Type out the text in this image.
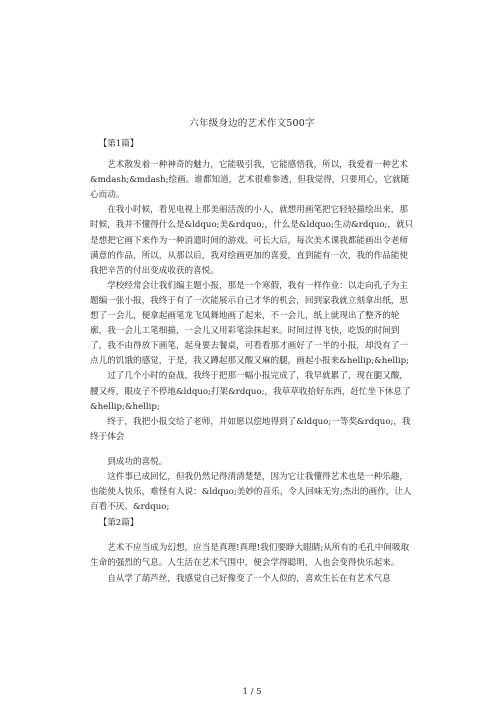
六年级身边的艺术作文500字

【第1篇】

艺术散发着一种神奇的魅力，它能吸引我，它能感悟我，所以，我爱着一种艺术&mdash;&mdash;绘画。谁都知道，艺术很难参透，但我觉得，只要用心，它就随心而动。

在我小时候，看见电视上那美丽活泼的小人，就想用画笔把它轻轻描绘出来，那时候，我并不懂得什么是&ldquo;美&rdquo;，什么是&ldquo;生动&rdquo;，就只是想把它画下来作为一种消遣时间的游戏。可长大后，每次美术课我都能画出令老师满意的作品，所以，从那以后，我对绘画更加的喜爱，直到能有一次，我的作品能使我把辛苦的付出变成收获的喜悦。

学校经常会让我们编主题小报，那是一个寒假，我有一样作业：以走向孔子为主题编一张小报，我终于有了一次能展示自己才华的机会，回到家我就立刻拿出纸，思想了一会儿，便拿起画笔龙飞凤舞地画了起来，不一会儿，纸上就现出了整齐的轮廓，我一会儿工笔细描，一会儿又用彩笔涂抹起来。时间过得飞快，吃饭的时间到了，我不由得放下画笔，起身要去餐桌，可看看那才画好了一半的小报，却没有了一点儿的饥饿的感觉，于是，我又蹲起那又酸又麻的腿，画起小报来&hellip;&hellip;

过了几个小时的奋战，我终于把那一幅小报完成了，我早就累了，现在腿又酸，腰又疼，眼皮子不停地&ldquo;打架&rdquo;，我草草收拾好东西，赶忙坐下休息了&hellip;&hellip;

终于，我把小报交给了老师，并如愿以偿地得到了&ldquo;一等奖&rdquo;，我终于体会

到成功的喜悦。

这件事已成回忆，但我仍然记得清清楚楚，因为它让我懂得艺术也是一种乐趣，也能使人快乐，难怪有人说：&ldquo;美妙的音乐，令人回味无穷;杰出的画作，让人百看不厌。&rdquo;

【第2篇】

艺术不应当成为幻想，应当是真理!真理!我们要睁大眼睛;从所有的毛孔中间吸取生命的强烈的气息。人生活在艺术气围中，便会学得聪明，人也会变得快乐起来。

自从学了葫芦丝，我感觉自己好像变了一个人似的，喜欢生长在有艺术气息

1 / 5
